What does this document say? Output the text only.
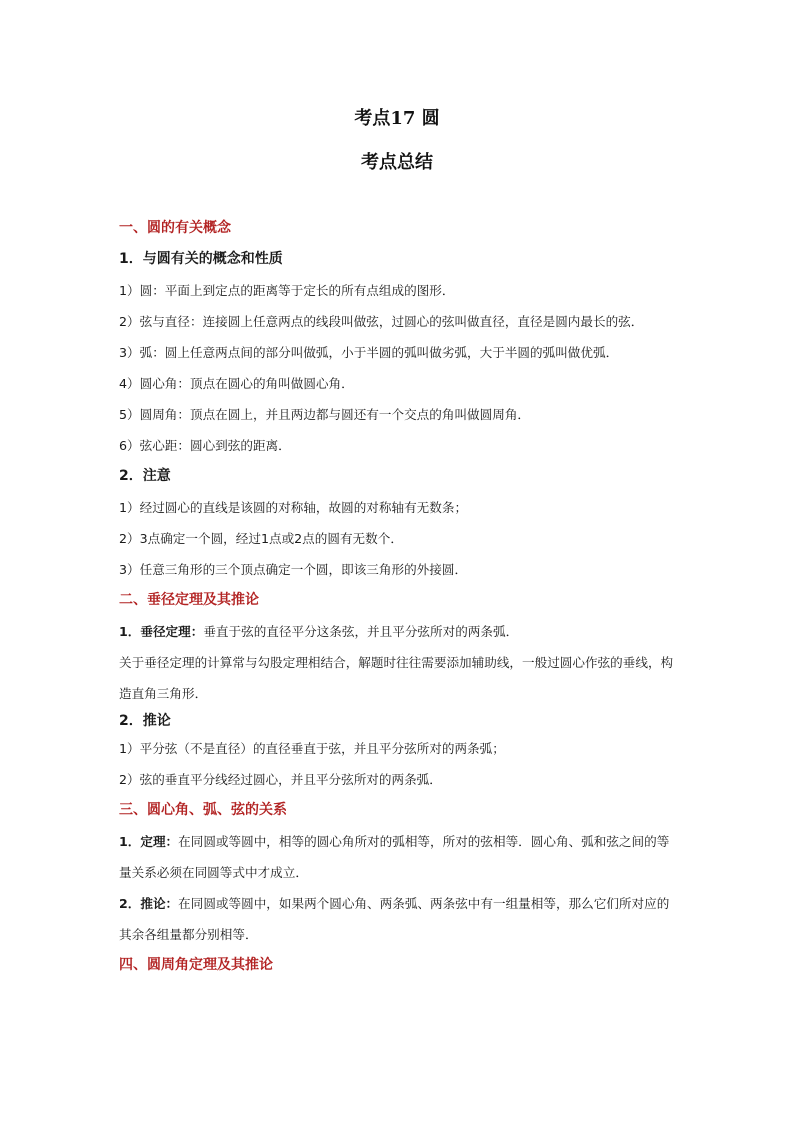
考点17 圆
考点总结
一、圆的有关概念
1．与圆有关的概念和性质
1）圆：平面上到定点的距离等于定长的所有点组成的图形．
2）弦与直径：连接圆上任意两点的线段叫做弦，过圆心的弦叫做直径，直径是圆内最长的弦．
3）弧：圆上任意两点间的部分叫做弧，小于半圆的弧叫做劣弧，大于半圆的弧叫做优弧．
4）圆心角：顶点在圆心的角叫做圆心角．
5）圆周角：顶点在圆上，并且两边都与圆还有一个交点的角叫做圆周角．
6）弦心距：圆心到弦的距离．
2．注意
1）经过圆心的直线是该圆的对称轴，故圆的对称轴有无数条；
2）3点确定一个圆，经过1点或2点的圆有无数个．
3）任意三角形的三个顶点确定一个圆，即该三角形的外接圆．
二、垂径定理及其推论
1．垂径定理：垂直于弦的直径平分这条弦，并且平分弦所对的两条弧．
关于垂径定理的计算常与勾股定理相结合，解题时往往需要添加辅助线，一般过圆心作弦的垂线，构造直角三角形．
2．推论
1）平分弦（不是直径）的直径垂直于弦，并且平分弦所对的两条弧；
2）弦的垂直平分线经过圆心，并且平分弦所对的两条弧．
三、圆心角、弧、弦的关系
1．定理：在同圆或等圆中，相等的圆心角所对的弧相等，所对的弦相等．圆心角、弧和弦之间的等量关系必须在同圆等式中才成立．
2．推论：在同圆或等圆中，如果两个圆心角、两条弧、两条弦中有一组量相等，那么它们所对应的其余各组量都分别相等．
四、圆周角定理及其推论
